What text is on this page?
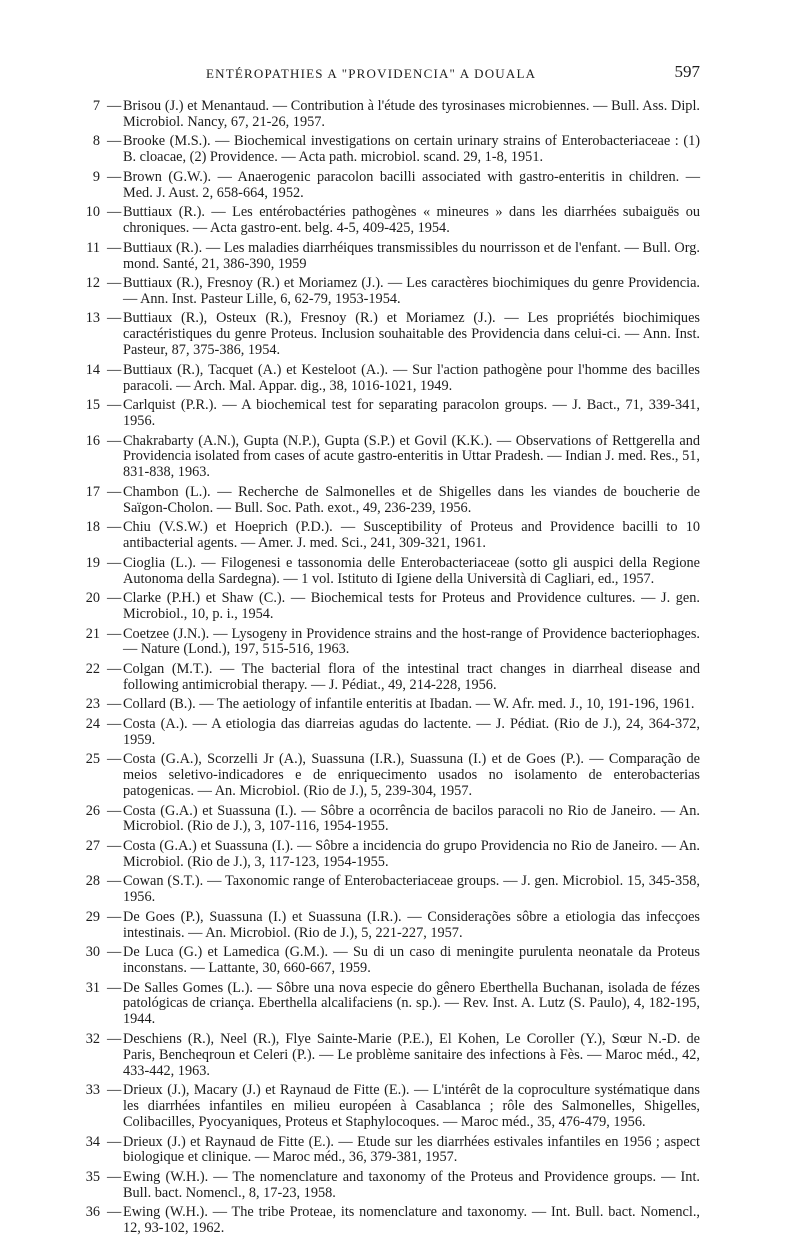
ENTÉROPATHIES A "PROVIDENCIA" A DOUALA	597
7 — Brisou (J.) et Menantaud. — Contribution à l'étude des tyrosinases microbiennes. — Bull. Ass. Dipl. Microbiol. Nancy, 67, 21-26, 1957.
8 — Brooke (M.S.). — Biochemical investigations on certain urinary strains of Enterobacteriaceae : (1) B. cloacae, (2) Providence. — Acta path. microbiol. scand. 29, 1-8, 1951.
9 — Brown (G.W.). — Anaerogenic paracolon bacilli associated with gastro-enteritis in children. — Med. J. Aust. 2, 658-664, 1952.
10 — Buttiaux (R.). — Les entérobactéries pathogènes « mineures » dans les diarrhées subaiguës ou chroniques. — Acta gastro-ent. belg. 4-5, 409-425, 1954.
11 — Buttiaux (R.). — Les maladies diarrhéiques transmissibles du nourrisson et de l'enfant. — Bull. Org. mond. Santé, 21, 386-390, 1959
12 — Buttiaux (R.), Fresnoy (R.) et Moriamez (J.). — Les caractères biochimiques du genre Providencia. — Ann. Inst. Pasteur Lille, 6, 62-79, 1953-1954.
13 — Buttiaux (R.), Osteux (R.), Fresnoy (R.) et Moriamez (J.). — Les propriétés biochimiques caractéristiques du genre Proteus. Inclusion souhaitable des Providencia dans celui-ci. — Ann. Inst. Pasteur, 87, 375-386, 1954.
14 — Buttiaux (R.), Tacquet (A.) et Kesteloot (A.). — Sur l'action pathogène pour l'homme des bacilles paracoli. — Arch. Mal. Appar. dig., 38, 1016-1021, 1949.
15 — Carlquist (P.R.). — A biochemical test for separating paracolon groups. — J. Bact., 71, 339-341, 1956.
16 — Chakrabarty (A.N.), Gupta (N.P.), Gupta (S.P.) et Govil (K.K.). — Observations of Rettgerella and Providencia isolated from cases of acute gastro-enteritis in Uttar Pradesh. — Indian J. med. Res., 51, 831-838, 1963.
17 — Chambon (L.). — Recherche de Salmonelles et de Shigelles dans les viandes de boucherie de Saïgon-Cholon. — Bull. Soc. Path. exot., 49, 236-239, 1956.
18 — Chiu (V.S.W.) et Hoeprich (P.D.). — Susceptibility of Proteus and Providence bacilli to 10 antibacterial agents. — Amer. J. med. Sci., 241, 309-321, 1961.
19 — Cioglia (L.). — Filogenesi e tassonomia delle Enterobacteriaceae (sotto gli auspici della Regione Autonoma della Sardegna). — 1 vol. Istituto di Igiene della Università di Cagliari, ed., 1957.
20 — Clarke (P.H.) et Shaw (C.). — Biochemical tests for Proteus and Providence cultures. — J. gen. Microbiol., 10, p. i., 1954.
21 — Coetzee (J.N.). — Lysogeny in Providence strains and the host-range of Providence bacteriophages. — Nature (Lond.), 197, 515-516, 1963.
22 — Colgan (M.T.). — The bacterial flora of the intestinal tract changes in diarrheal disease and following antimicrobial therapy. — J. Pédiat., 49, 214-228, 1956.
23 — Collard (B.). — The aetiology of infantile enteritis at Ibadan. — W. Afr. med. J., 10, 191-196, 1961.
24 — Costa (A.). — A etiologia das diarreias agudas do lactente. — J. Pédiat. (Rio de J.), 24, 364-372, 1959.
25 — Costa (G.A.), Scorzelli Jr (A.), Suassuna (I.R.), Suassuna (I.) et de Goes (P.). — Comparação de meios seletivo-indicadores e de enriquecimento usados no isolamento de enterobacterias patogenicas. — An. Microbiol. (Rio de J.), 5, 239-304, 1957.
26 — Costa (G.A.) et Suassuna (I.). — Sôbre a ocorrência de bacilos paracoli no Rio de Janeiro. — An. Microbiol. (Rio de J.), 3, 107-116, 1954-1955.
27 — Costa (G.A.) et Suassuna (I.). — Sôbre a incidencia do grupo Providencia no Rio de Janeiro. — An. Microbiol. (Rio de J.), 3, 117-123, 1954-1955.
28 — Cowan (S.T.). — Taxonomic range of Enterobacteriaceae groups. — J. gen. Microbiol. 15, 345-358, 1956.
29 — De Goes (P.), Suassuna (I.) et Suassuna (I.R.). — Considerações sôbre a etiologia das infecçoes intestinais. — An. Microbiol. (Rio de J.), 5, 221-227, 1957.
30 — De Luca (G.) et Lamedica (G.M.). — Su di un caso di meningite purulenta neonatale da Proteus inconstans. — Lattante, 30, 660-667, 1959.
31 — De Salles Gomes (L.). — Sôbre una nova especie do gênero Eberthella Buchanan, isolada de fézes patológicas de criança. Eberthella alcalifaciens (n. sp.). — Rev. Inst. A. Lutz (S. Paulo), 4, 182-195, 1944.
32 — Deschiens (R.), Neel (R.), Flye Sainte-Marie (P.E.), El Kohen, Le Coroller (Y.), Sœur N.-D. de Paris, Bencheqroun et Celeri (P.). — Le problème sanitaire des infections à Fès. — Maroc méd., 42, 433-442, 1963.
33 — Drieux (J.), Macary (J.) et Raynaud de Fitte (E.). — L'intérêt de la coproculture systématique dans les diarrhées infantiles en milieu européen à Casablanca ; rôle des Salmonelles, Shigelles, Colibacilles, Pyocyaniques, Proteus et Staphylocoques. — Maroc méd., 35, 476-479, 1956.
34 — Drieux (J.) et Raynaud de Fitte (E.). — Etude sur les diarrhées estivales infantiles en 1956 ; aspect biologique et clinique. — Maroc méd., 36, 379-381, 1957.
35 — Ewing (W.H.). — The nomenclature and taxonomy of the Proteus and Providence groups. — Int. Bull. bact. Nomencl., 8, 17-23, 1958.
36 — Ewing (W.H.). — The tribe Proteae, its nomenclature and taxonomy. — Int. Bull. bact. Nomencl., 12, 93-102, 1962.
